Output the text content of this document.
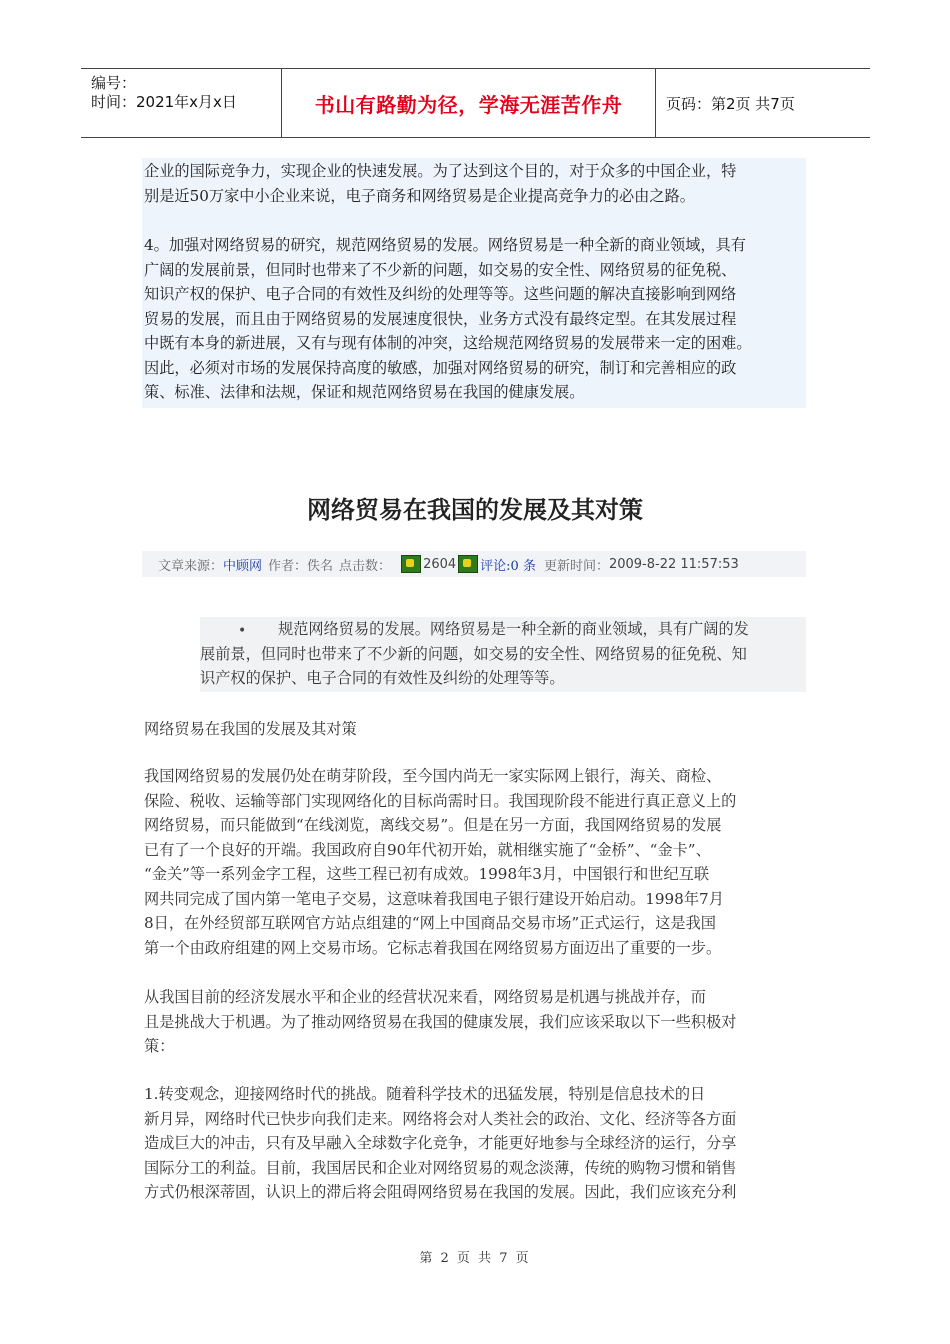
编号：
时间：2021年x月x日	书山有路勤为径，学海无涯苦作舟	页码：第2页 共7页

企业的国际竞争力，实现企业的快速发展。为了达到这个目的，对于众多的中国企业，特
别是近50万家中小企业来说，电子商务和网络贸易是企业提高竞争力的必由之路。

4。加强对网络贸易的研究，规范网络贸易的发展。网络贸易是一种全新的商业领域，具有
广阔的发展前景，但同时也带来了不少新的问题，如交易的安全性、网络贸易的征免税、
知识产权的保护、电子合同的有效性及纠纷的处理等等。这些问题的解决直接影响到网络
贸易的发展，而且由于网络贸易的发展速度很快，业务方式没有最终定型。在其发展过程
中既有本身的新进展，又有与现有体制的冲突，这给规范网络贸易的发展带来一定的困难。
因此，必须对市场的发展保持高度的敏感，加强对网络贸易的研究，制订和完善相应的政
策、标准、法律和法规，保证和规范网络贸易在我国的健康发展。

网络贸易在我国的发展及其对策
文章来源： 中顾网 作者：佚名 点击数： 2604 评论:0 条 更新时间： 2009-8-22 11:57:53
•	规范网络贸易的发展。网络贸易是一种全新的商业领域，具有广阔的发
展前景，但同时也带来了不少新的问题，如交易的安全性、网络贸易的征免税、知
识产权的保护、电子合同的有效性及纠纷的处理等等。

网络贸易在我国的发展及其对策

我国网络贸易的发展仍处在萌芽阶段，至今国内尚无一家实际网上银行，海关、商检、
保险、税收、运输等部门实现网络化的目标尚需时日。我国现阶段不能进行真正意义上的
网络贸易，而只能做到“在线浏览，离线交易”。但是在另一方面，我国网络贸易的发展
已有了一个良好的开端。我国政府自90年代初开始，就相继实施了“金桥”、“金卡”、
“金关”等一系列金字工程，这些工程已初有成效。1998年3月，中国银行和世纪互联
网共同完成了国内第一笔电子交易，这意味着我国电子银行建设开始启动。1998年7月
8日，在外经贸部互联网官方站点组建的“网上中国商品交易市场”正式运行，这是我国
第一个由政府组建的网上交易市场。它标志着我国在网络贸易方面迈出了重要的一步。

从我国目前的经济发展水平和企业的经营状况来看，网络贸易是机遇与挑战并存，而
且是挑战大于机遇。为了推动网络贸易在我国的健康发展，我们应该采取以下一些积极对
策：

1.转变观念，迎接网络时代的挑战。随着科学技术的迅猛发展，特别是信息技术的日
新月异，网络时代已快步向我们走来。网络将会对人类社会的政治、文化、经济等各方面
造成巨大的冲击，只有及早融入全球数字化竞争，才能更好地参与全球经济的运行，分享
国际分工的利益。目前，我国居民和企业对网络贸易的观念淡薄，传统的购物习惯和销售
方式仍根深蒂固，认识上的滞后将会阻碍网络贸易在我国的发展。因此，我们应该充分利

第 2 页 共 7 页
